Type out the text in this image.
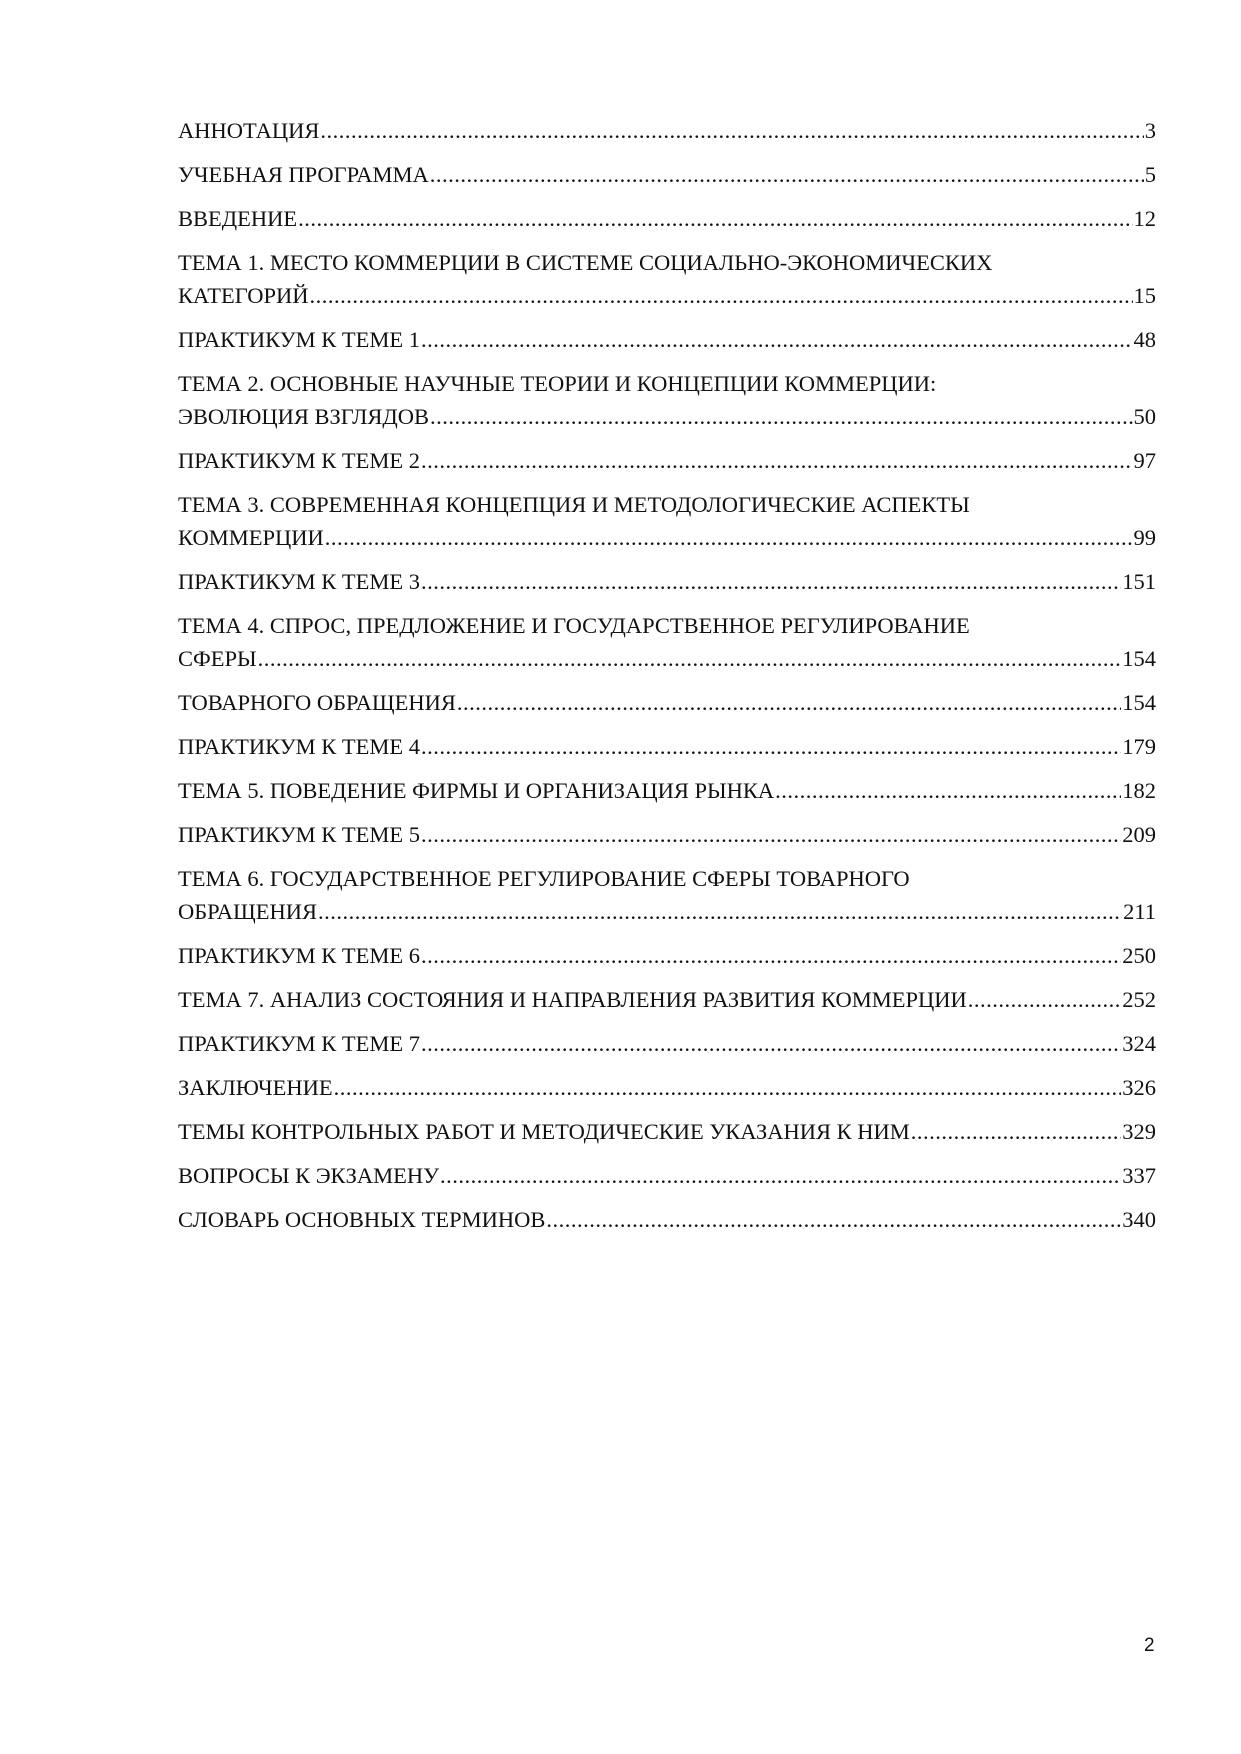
АННОТАЦИЯ .....	3
УЧЕБНАЯ ПРОГРАММА .....	5
ВВЕДЕНИЕ .....	12
ТЕМА 1. МЕСТО КОММЕРЦИИ В СИСТЕМЕ СОЦИАЛЬНО-ЭКОНОМИЧЕСКИХ
КАТЕГОРИЙ .....	15
ПРАКТИКУМ К ТЕМЕ 1 .....	48
ТЕМА 2. ОСНОВНЫЕ НАУЧНЫЕ ТЕОРИИ И КОНЦЕПЦИИ КОММЕРЦИИ:
ЭВОЛЮЦИЯ ВЗГЛЯДОВ .....	50
ПРАКТИКУМ К ТЕМЕ 2 .....	97
ТЕМА 3. СОВРЕМЕННАЯ КОНЦЕПЦИЯ И МЕТОДОЛОГИЧЕСКИЕ АСПЕКТЫ
КОММЕРЦИИ .....	99
ПРАКТИКУМ К ТЕМЕ 3 .....	151
ТЕМА 4. СПРОС, ПРЕДЛОЖЕНИЕ И ГОСУДАРСТВЕННОЕ РЕГУЛИРОВАНИЕ
СФЕРЫ .....	154
ТОВАРНОГО ОБРАЩЕНИЯ .....	154
ПРАКТИКУМ К ТЕМЕ 4 .....	179
ТЕМА 5. ПОВЕДЕНИЕ ФИРМЫ И ОРГАНИЗАЦИЯ РЫНКА .....	182
ПРАКТИКУМ К ТЕМЕ 5 .....	209
ТЕМА 6. ГОСУДАРСТВЕННОЕ РЕГУЛИРОВАНИЕ СФЕРЫ ТОВАРНОГО
ОБРАЩЕНИЯ .....	211
ПРАКТИКУМ К ТЕМЕ 6 .....	250
ТЕМА 7. АНАЛИЗ СОСТОЯНИЯ И НАПРАВЛЕНИЯ РАЗВИТИЯ КОММЕРЦИИ .....	252
ПРАКТИКУМ К ТЕМЕ 7 .....	324
ЗАКЛЮЧЕНИЕ .....	326
ТЕМЫ КОНТРОЛЬНЫХ РАБОТ И МЕТОДИЧЕСКИЕ УКАЗАНИЯ К НИМ .....	329
ВОПРОСЫ К ЭКЗАМЕНУ .....	337
СЛОВАРЬ ОСНОВНЫХ ТЕРМИНОВ .....	340
2
